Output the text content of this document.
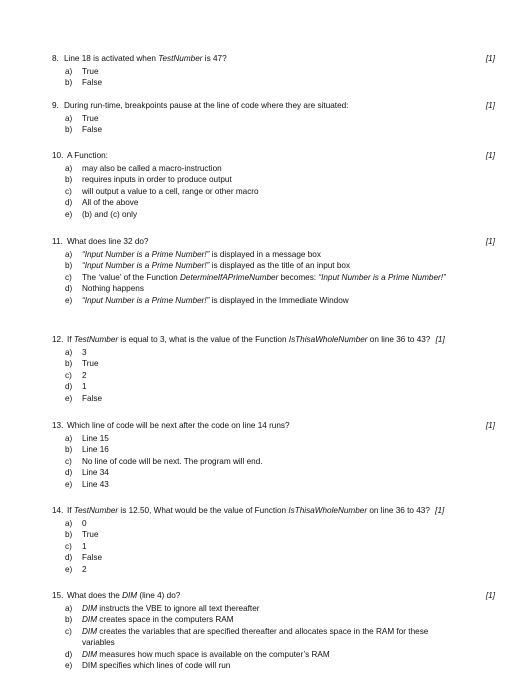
8. Line 18 is activated when TestNumber is 47?	[1]
a) True
b) False
9. During run-time, breakpoints pause at the line of code where they are situated:	[1]
a) True
b) False
10. A Function:	[1]
a) may also be called a macro-instruction
b) requires inputs in order to produce output
c) will output a value to a cell, range or other macro
d) All of the above
e) (b) and (c) only
11. What does line 32 do?	[1]
a) “Input Number is a Prime Number!” is displayed in a message box
b) “Input Number is a Prime Number!” is displayed as the title of an input box
c) The ‘value’ of the Function DetermineIfAPrimeNumber becomes: “Input Number is a Prime Number!”
d) Nothing happens
e) “Input Number is a Prime Number!” is displayed in the Immediate Window
12. If TestNumber is equal to 3, what is the value of the Function IsThisaWholeNumber on line 36 to 43? [1]
a) 3
b) True
c) 2
d) 1
e) False
13. Which line of code will be next after the code on line 14 runs?	[1]
a) Line 15
b) Line 16
c) No line of code will be next. The program will end.
d) Line 34
e) Line 43
14. If TestNumber is 12.50, What would be the value of Function IsThisaWholeNumber on line 36 to 43? [1]
a) 0
b) True
c) 1
d) False
e) 2
15. What does the DIM (line 4) do?	[1]
a) DIM instructs the VBE to ignore all text thereafter
b) DIM creates space in the computers RAM
c) DIM creates the variables that are specified thereafter and allocates space in the RAM for these variables
d) DIM measures how much space is available on the computer’s RAM
e) DIM specifies which lines of code will run
